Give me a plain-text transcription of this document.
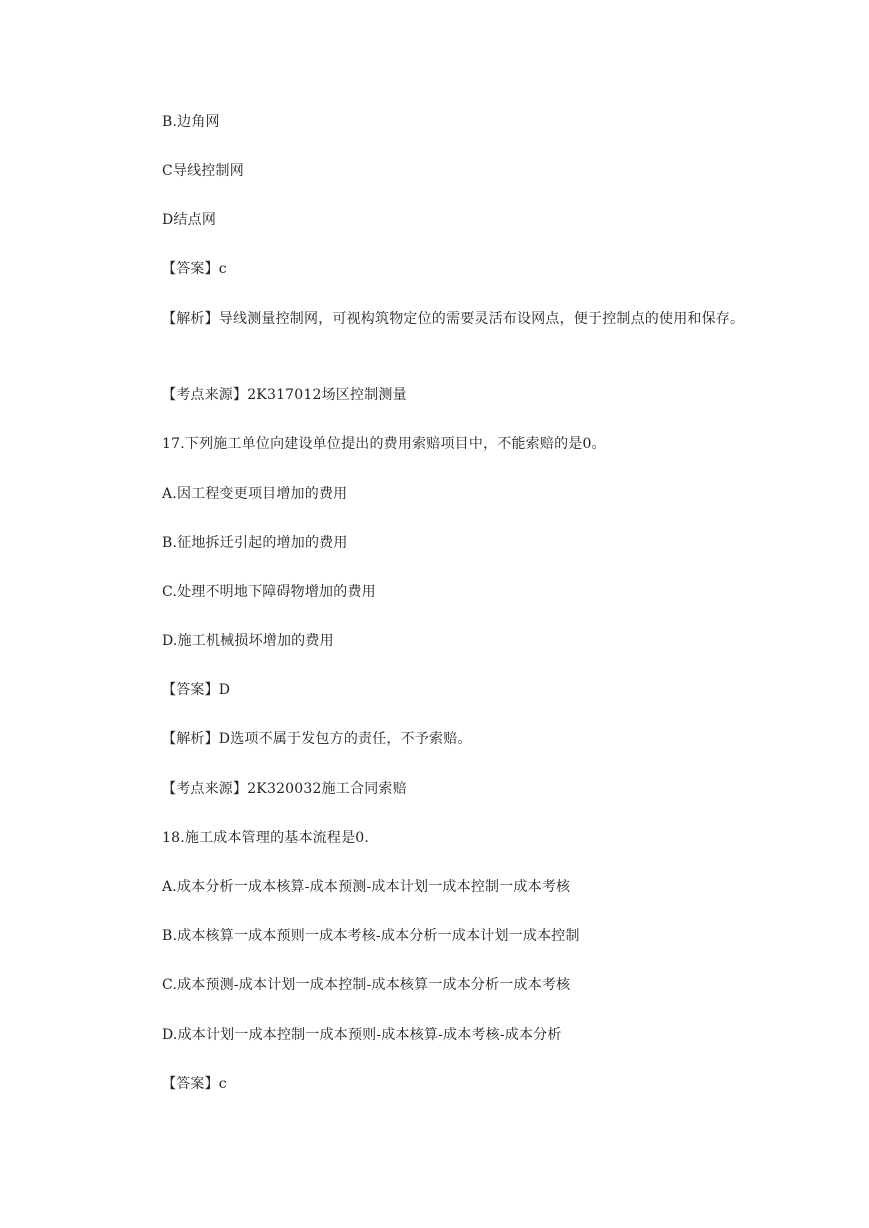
B.边角网
C导线控制网
D结点网
【答案】c
【解析】导线测量控制网，可视构筑物定位的需要灵活布设网点，便于控制点的使用和保存。
【考点来源】2K317012场区控制测量
17.下列施工单位向建设单位提出的费用索赔项目中，不能索赔的是0。
A.因工程变更项目增加的费用
B.征地拆迁引起的增加的费用
C.处理不明地下障碍物增加的费用
D.施工机械损坏增加的费用
【答案】D
【解析】D选项不属于发包方的责任，不予索赔。
【考点来源】2K320032施工合同索赔
18.施工成本管理的基本流程是0.
A.成本分析一成本核算-成本预测-成本计划一成本控制一成本考核
B.成本核算一成本预则一成本考核-成本分析一成本计划一成本控制
C.成本预测-成本计划一成本控制-成本核算一成本分析一成本考核
D.成本计划一成本控制一成本预则-成本核算-成本考核-成本分析
【答案】c
